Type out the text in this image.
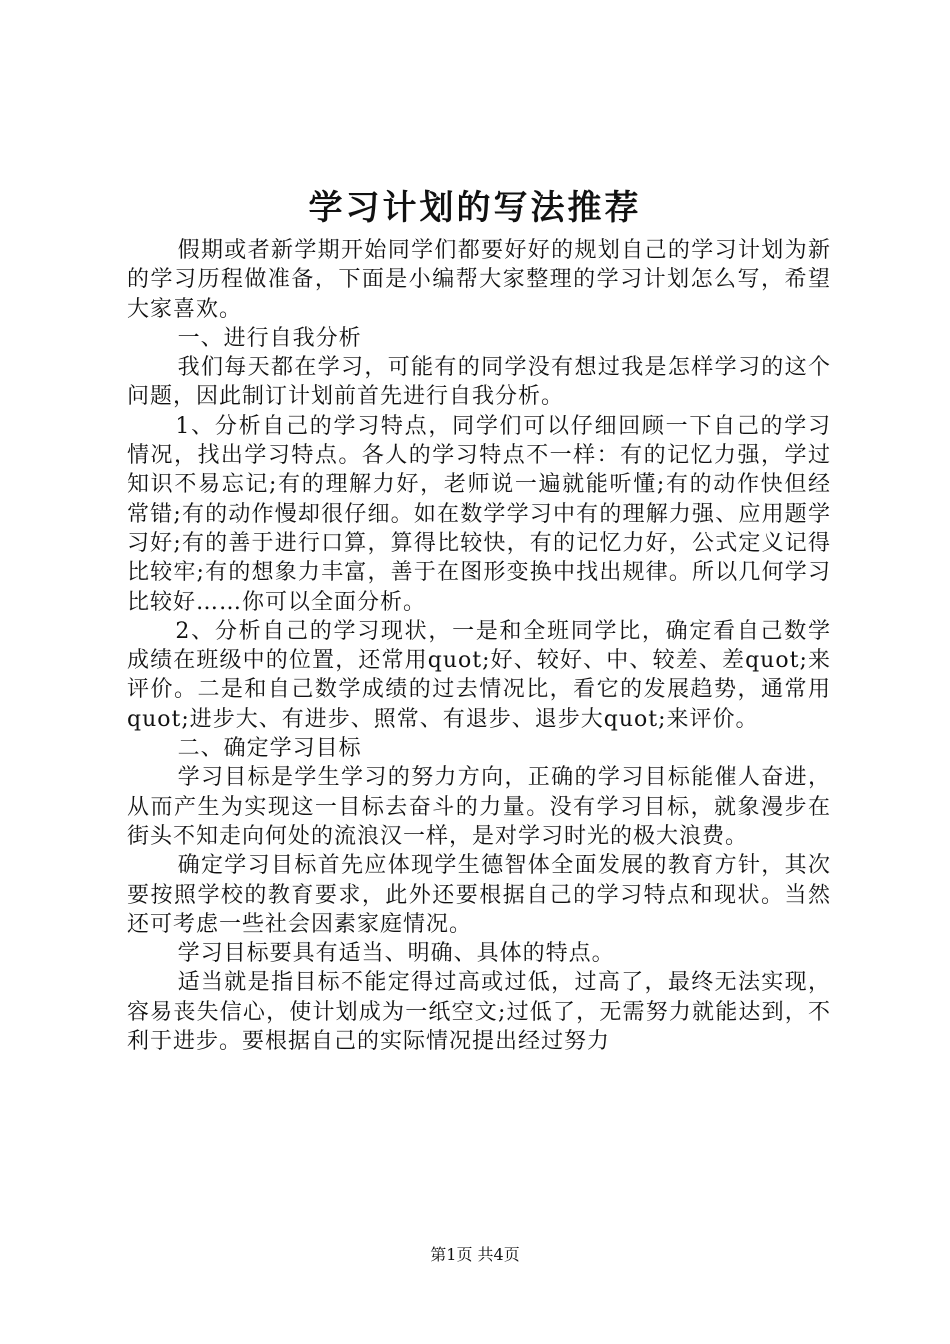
学习计划的写法推荐

假期或者新学期开始同学们都要好好的规划自己的学习计划为新的学习历程做准备，下面是小编帮大家整理的学习计划怎么写，希望大家喜欢。

一、进行自我分析

我们每天都在学习，可能有的同学没有想过我是怎样学习的这个问题，因此制订计划前首先进行自我分析。

1、分析自己的学习特点，同学们可以仔细回顾一下自己的学习情况，找出学习特点。各人的学习特点不一样：有的记忆力强，学过知识不易忘记;有的理解力好，老师说一遍就能听懂;有的动作快但经常错;有的动作慢却很仔细。如在数学学习中有的理解力强、应用题学习好;有的善于进行口算，算得比较快，有的记忆力好，公式定义记得比较牢;有的想象力丰富，善于在图形变换中找出规律。所以几何学习比较好……你可以全面分析。

2、分析自己的学习现状，一是和全班同学比，确定看自己数学成绩在班级中的位置，还常用quot;好、较好、中、较差、差quot;来评价。二是和自己数学成绩的过去情况比，看它的发展趋势，通常用quot;进步大、有进步、照常、有退步、退步大quot;来评价。

二、确定学习目标

学习目标是学生学习的努力方向，正确的学习目标能催人奋进，从而产生为实现这一目标去奋斗的力量。没有学习目标，就象漫步在街头不知走向何处的流浪汉一样，是对学习时光的极大浪费。

确定学习目标首先应体现学生德智体全面发展的教育方针，其次要按照学校的教育要求，此外还要根据自己的学习特点和现状。当然还可考虑一些社会因素家庭情况。

学习目标要具有适当、明确、具体的特点。

适当就是指目标不能定得过高或过低，过高了，最终无法实现，容易丧失信心，使计划成为一纸空文;过低了，无需努力就能达到，不利于进步。要根据自己的实际情况提出经过努力

第1页 共4页
